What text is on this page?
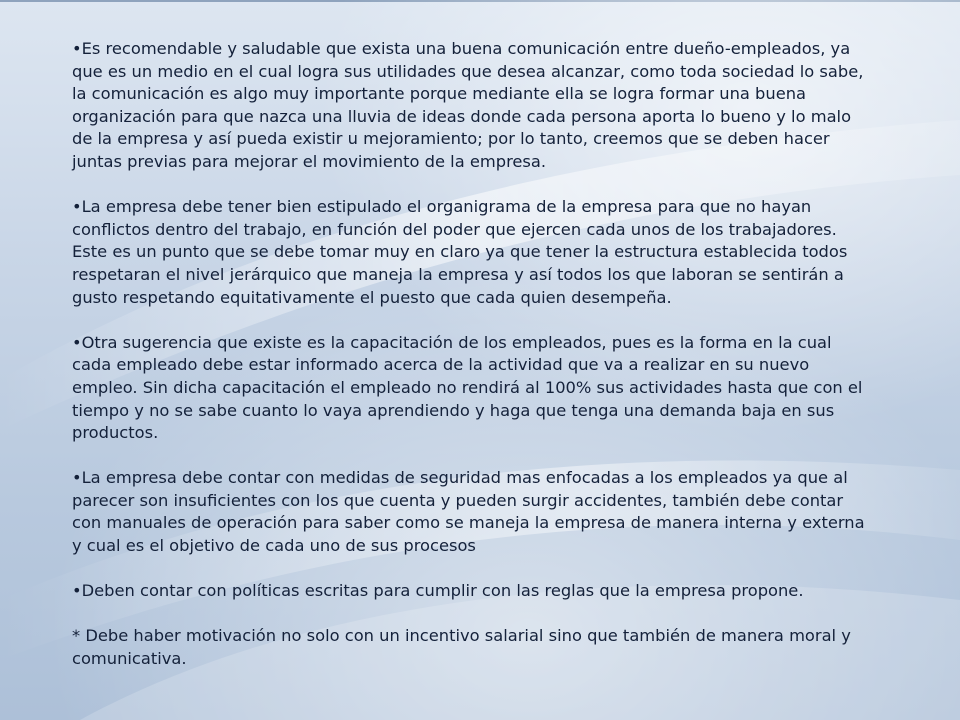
•Es recomendable y saludable que exista una buena comunicación entre dueño-empleados, ya que es un medio en el cual logra sus utilidades que desea alcanzar, como toda sociedad lo sabe, la comunicación es algo muy importante porque mediante ella se logra formar una buena organización para que nazca una lluvia de ideas donde cada persona aporta lo bueno y lo malo de la empresa y así pueda existir u mejoramiento; por lo tanto, creemos que se deben hacer juntas previas para mejorar el movimiento de la empresa.

•La empresa debe tener bien estipulado el organigrama de la empresa para que no hayan conflictos dentro del trabajo, en función del poder que ejercen cada unos de los trabajadores. Este es un punto que se debe tomar muy en claro ya que tener la estructura establecida todos respetaran el nivel jerárquico que maneja la empresa y así todos los que laboran se sentirán a gusto respetando equitativamente el puesto que cada quien desempeña.

•Otra sugerencia que existe es la capacitación de los empleados, pues es la forma en la cual cada empleado debe estar informado acerca de la actividad que va a realizar en su nuevo empleo. Sin dicha capacitación el empleado no rendirá al 100% sus actividades hasta que con el tiempo y no se sabe cuanto lo vaya aprendiendo y haga que tenga una demanda baja en sus productos.

•La empresa debe contar con medidas de seguridad mas enfocadas a los empleados ya que al parecer son insuficientes con los que cuenta y pueden surgir accidentes, también debe contar con manuales de operación para saber como se maneja la empresa de manera interna y externa y cual es el objetivo de cada uno de sus procesos

•Deben contar con políticas escritas para cumplir con las reglas que la empresa propone.

* Debe haber motivación no solo con un incentivo salarial sino que también de manera moral y comunicativa.
